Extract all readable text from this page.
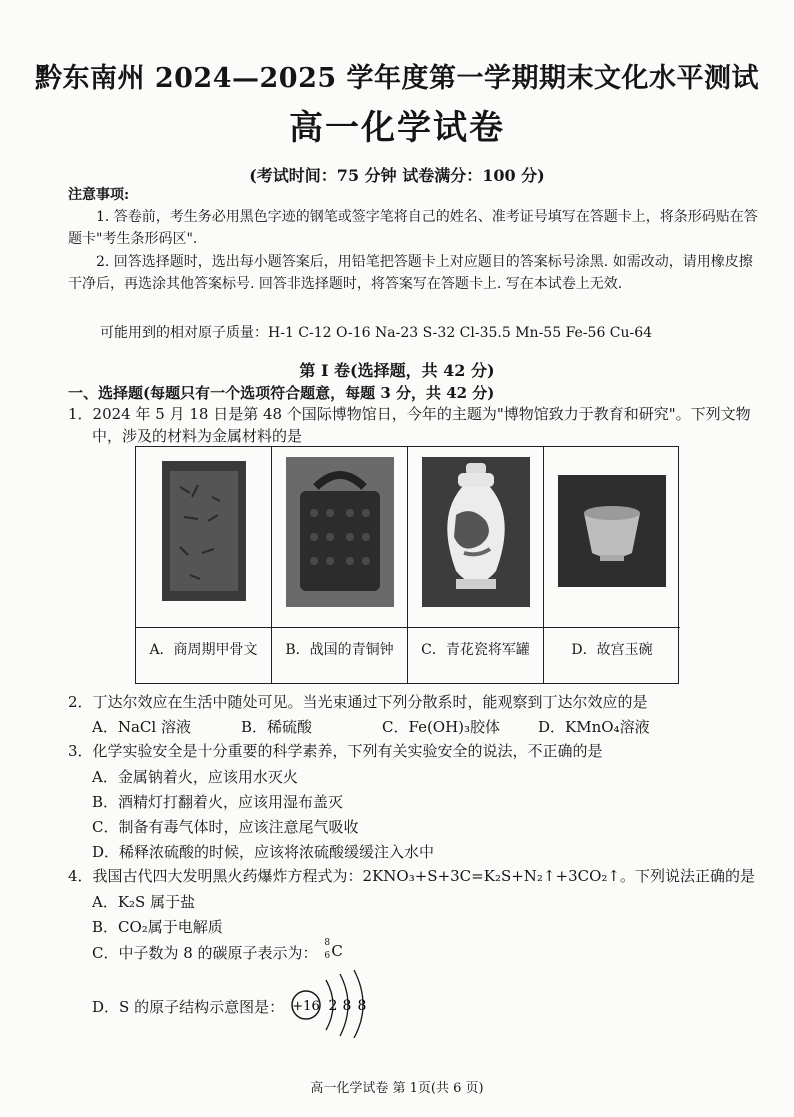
黔东南州 2024—2025 学年度第一学期期末文化水平测试
高一化学试卷
(考试时间：75 分钟 试卷满分：100 分)
注意事项:
1. 答卷前，考生务必用黑色字迹的钢笔或签字笔将自己的姓名、准考证号填写在答题卡上，将条形码贴在答题卡"考生条形码区".
2. 回答选择题时，选出每小题答案后，用铅笔把答题卡上对应题目的答案标号涂黑. 如需改动，请用橡皮擦干净后，再选涂其他答案标号. 回答非选择题时，将答案写在答题卡上. 写在本试卷上无效.
可能用到的相对原子质量：H-1 C-12 O-16 Na-23 S-32 Cl-35.5 Mn-55 Fe-56 Cu-64
第 I 卷(选择题，共 42 分)
一、选择题(每题只有一个选项符合题意，每题 3 分，共 42 分)
1．2024 年 5 月 18 日是第 48 个国际博物馆日，今年的主题为"博物馆致力于教育和研究"。下列文物
中，涉及的材料为金属材料的是
A．商周期甲骨文	B．战国的青铜钟	C．青花瓷将军罐	D．故宫玉碗
2．丁达尔效应在生活中随处可见。当光束通过下列分散系时，能观察到丁达尔效应的是
A．NaCl 溶液	B．稀硫酸	C．Fe(OH)₃胶体	D．KMnO₄溶液
3．化学实验安全是十分重要的科学素养，下列有关实验安全的说法，不正确的是
A．金属钠着火，应该用水灭火
B．酒精灯打翻着火，应该用湿布盖灭
C．制备有毒气体时，应该注意尾气吸收
D．稀释浓硫酸的时候，应该将浓硫酸缓缓注入水中
4．我国古代四大发明黑火药爆炸方程式为：2KNO₃+S+3C=K₂S+N₂↑+3CO₂↑。下列说法正确的是
A．K₂S 属于盐
B．CO₂属于电解质
C．中子数为 8 的碳原子表示为：
8
6 C
D．S 的原子结构示意图是： +16 2 8 8
高一化学试卷 第 1页(共 6 页)
